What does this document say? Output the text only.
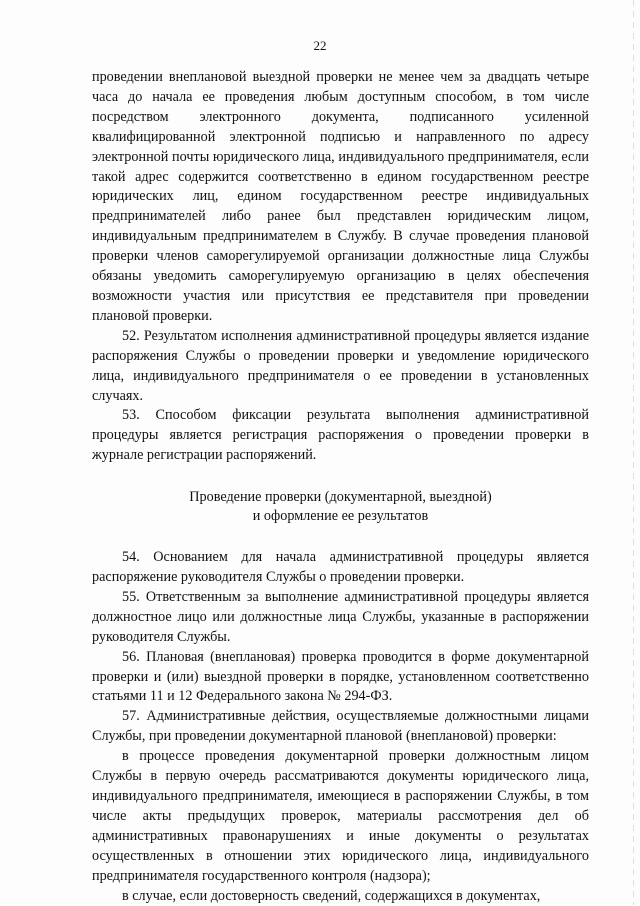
22

проведении внеплановой выездной проверки не менее чем за двадцать четыре часа до начала ее проведения любым доступным способом, в том числе посредством электронного документа, подписанного усиленной квалифицированной электронной подписью и направленного по адресу электронной почты юридического лица, индивидуального предпринимателя, если такой адрес содержится соответственно в едином государственном реестре юридических лиц, едином государственном реестре индивидуальных предпринимателей либо ранее был представлен юридическим лицом, индивидуальным предпринимателем в Службу. В случае проведения плановой проверки членов саморегулируемой организации должностные лица Службы обязаны уведомить саморегулируемую организацию в целях обеспечения возможности участия или присутствия ее представителя при проведении плановой проверки.

52. Результатом исполнения административной процедуры является издание распоряжения Службы о проведении проверки и уведомление юридического лица, индивидуального предпринимателя о ее проведении в установленных случаях.

53. Способом фиксации результата выполнения административной процедуры является регистрация распоряжения о проведении проверки в журнале регистрации распоряжений.

Проведение проверки (документарной, выездной)
и оформление ее результатов

54. Основанием для начала административной процедуры является распоряжение руководителя Службы о проведении проверки.

55. Ответственным за выполнение административной процедуры является должностное лицо или должностные лица Службы, указанные в распоряжении руководителя Службы.

56. Плановая (внеплановая) проверка проводится в форме документарной проверки и (или) выездной проверки в порядке, установленном соответственно статьями 11 и 12 Федерального закона № 294-ФЗ.

57. Административные действия, осуществляемые должностными лицами Службы, при проведении документарной плановой (внеплановой) проверки:

в процессе проведения документарной проверки должностным лицом Службы в первую очередь рассматриваются документы юридического лица, индивидуального предпринимателя, имеющиеся в распоряжении Службы, в том числе акты предыдущих проверок, материалы рассмотрения дел об административных правонарушениях и иные документы о результатах осуществленных в отношении этих юридического лица, индивидуального предпринимателя государственного контроля (надзора);

в случае, если достоверность сведений, содержащихся в документах,
